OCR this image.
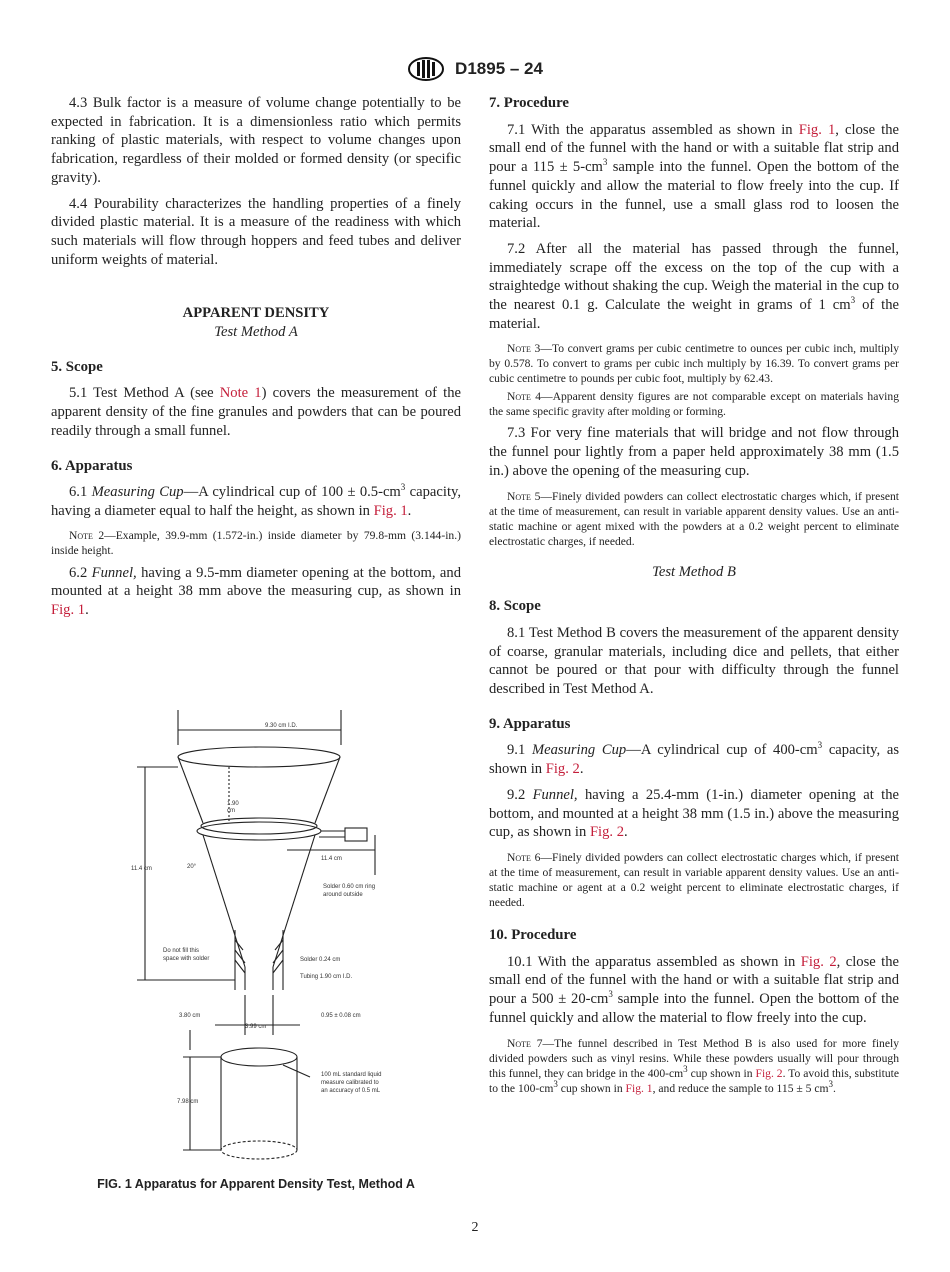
D1895 – 24

4.3 Bulk factor is a measure of volume change potentially to be expected in fabrication. It is a dimensionless ratio which permits ranking of plastic materials, with respect to volume changes upon fabrication, regardless of their molded or formed density (or specific gravity).

4.4 Pourability characterizes the handling properties of a finely divided plastic material. It is a measure of the readiness with which such materials will flow through hoppers and feed tubes and deliver uniform weights of material.

APPARENT DENSITY
Test Method A
5. Scope

5.1 Test Method A (see Note 1) covers the measurement of the apparent density of the fine granules and powders that can be poured readily through a small funnel.

6. Apparatus

6.1 Measuring Cup—A cylindrical cup of $100 \pm 0.5-cm^3$ capacity, having a diameter equal to half the height, as shown in Fig. 1.

Note 2—Example, 39.9-mm (1.572-in.) inside diameter by 79.8-mm (3.144-in.) inside height.

6.2 Funnel, having a 9.5-mm diameter opening at the bottom, and mounted at a height 38 mm above the measuring cup, as shown in Fig. 1.

9.30 cm I.D.
1.90
cm
11.4 cm	20°
11.4 cm
Solder 0.60 cm ring
around outside
Do not fill this
space with solder	Solder 0.24 cm
Tubing 1.90 cm I.D.
3.80 cm	0.95 ± 0.08 cm
3.99 cm
100 mL standard liquid
measure calibrated to
an accuracy of 0.5 mL
7.98 cm
FIG. 1 Apparatus for Apparent Density Test, Method A
7. Procedure

7.1 With the apparatus assembled as shown in Fig. 1, close the small end of the funnel with the hand or with a suitable flat strip and pour a $115 \pm 5-cm^3$ sample into the funnel. Open the bottom of the funnel quickly and allow the material to flow freely into the cup. If caking occurs in the funnel, use a small glass rod to loosen the material.

7.2 After all the material has passed through the funnel, immediately scrape off the excess on the top of the cup with a straightedge without shaking the cup. Weigh the material in the cup to the nearest 0.1 g. Calculate the weight in grams of 1 $cm^3$ of the material.

Note 3—To convert grams per cubic centimetre to ounces per cubic inch, multiply by 0.578. To convert to grams per cubic inch multiply by 16.39. To convert grams per cubic centimetre to pounds per cubic foot, multiply by 62.43.

Note 4—Apparent density figures are not comparable except on materials having the same specific gravity after molding or forming.

7.3 For very fine materials that will bridge and not flow through the funnel pour lightly from a paper held approximately 38 mm (1.5 in.) above the opening of the measuring cup.

Note 5—Finely divided powders can collect electrostatic charges which, if present at the time of measurement, can result in variable apparent density values. Use an anti-static machine or agent mixed with the powders at a 0.2 weight percent to eliminate electrostatic charges, if needed.

Test Method B
8. Scope

8.1 Test Method B covers the measurement of the apparent density of coarse, granular materials, including dice and pellets, that either cannot be poured or that pour with difficulty through the funnel described in Test Method A.

9. Apparatus

9.1 Measuring Cup—A cylindrical cup of $400-cm^3$ capacity, as shown in Fig. 2.

9.2 Funnel, having a 25.4-mm (1-in.) diameter opening at the bottom, and mounted at a height 38 mm (1.5 in.) above the measuring cup, as shown in Fig. 2.

Note 6—Finely divided powders can collect electrostatic charges which, if present at the time of measurement, can result in variable apparent density values. Use an anti-static machine or agent at a 0.2 weight percent to eliminate electrostatic charges, if needed.

10. Procedure

10.1 With the apparatus assembled as shown in Fig. 2, close the small end of the funnel with the hand or with a suitable flat strip and pour a $500 \pm 20-cm^3$ sample into the funnel. Open the bottom of the funnel quickly and allow the material to flow freely into the cup.

Note 7—The funnel described in Test Method B is also used for more finely divided powders such as vinyl resins. While these powders usually will pour through this funnel, they can bridge in the $400-cm^3$ cup shown in Fig. 2. To avoid this, substitute to the $100-cm^3$ cup shown in Fig. 1, and reduce the sample to 115 ± 5 $cm^3$.

2
